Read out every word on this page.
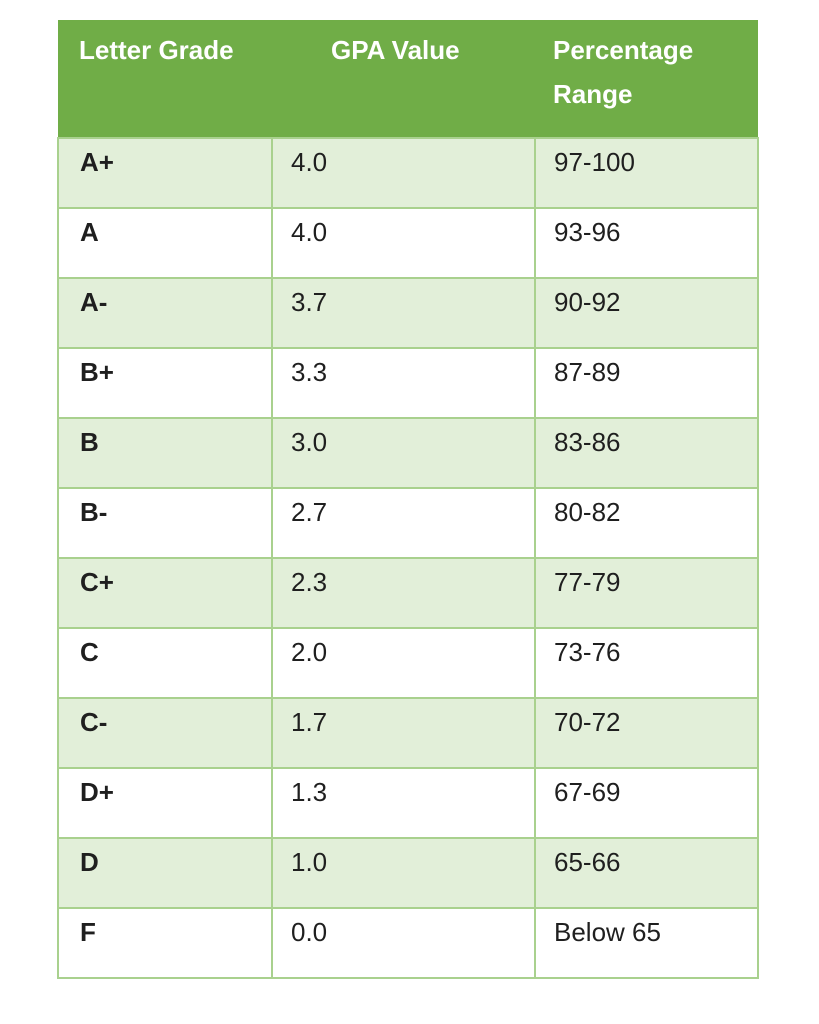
Letter Grade	GPA Value	Percentage Range
A+	4.0	97-100
A	4.0	93-96
A-	3.7	90-92
B+	3.3	87-89
B	3.0	83-86
B-	2.7	80-82
C+	2.3	77-79
C	2.0	73-76
C-	1.7	70-72
D+	1.3	67-69
D	1.0	65-66
F	0.0	Below 65
